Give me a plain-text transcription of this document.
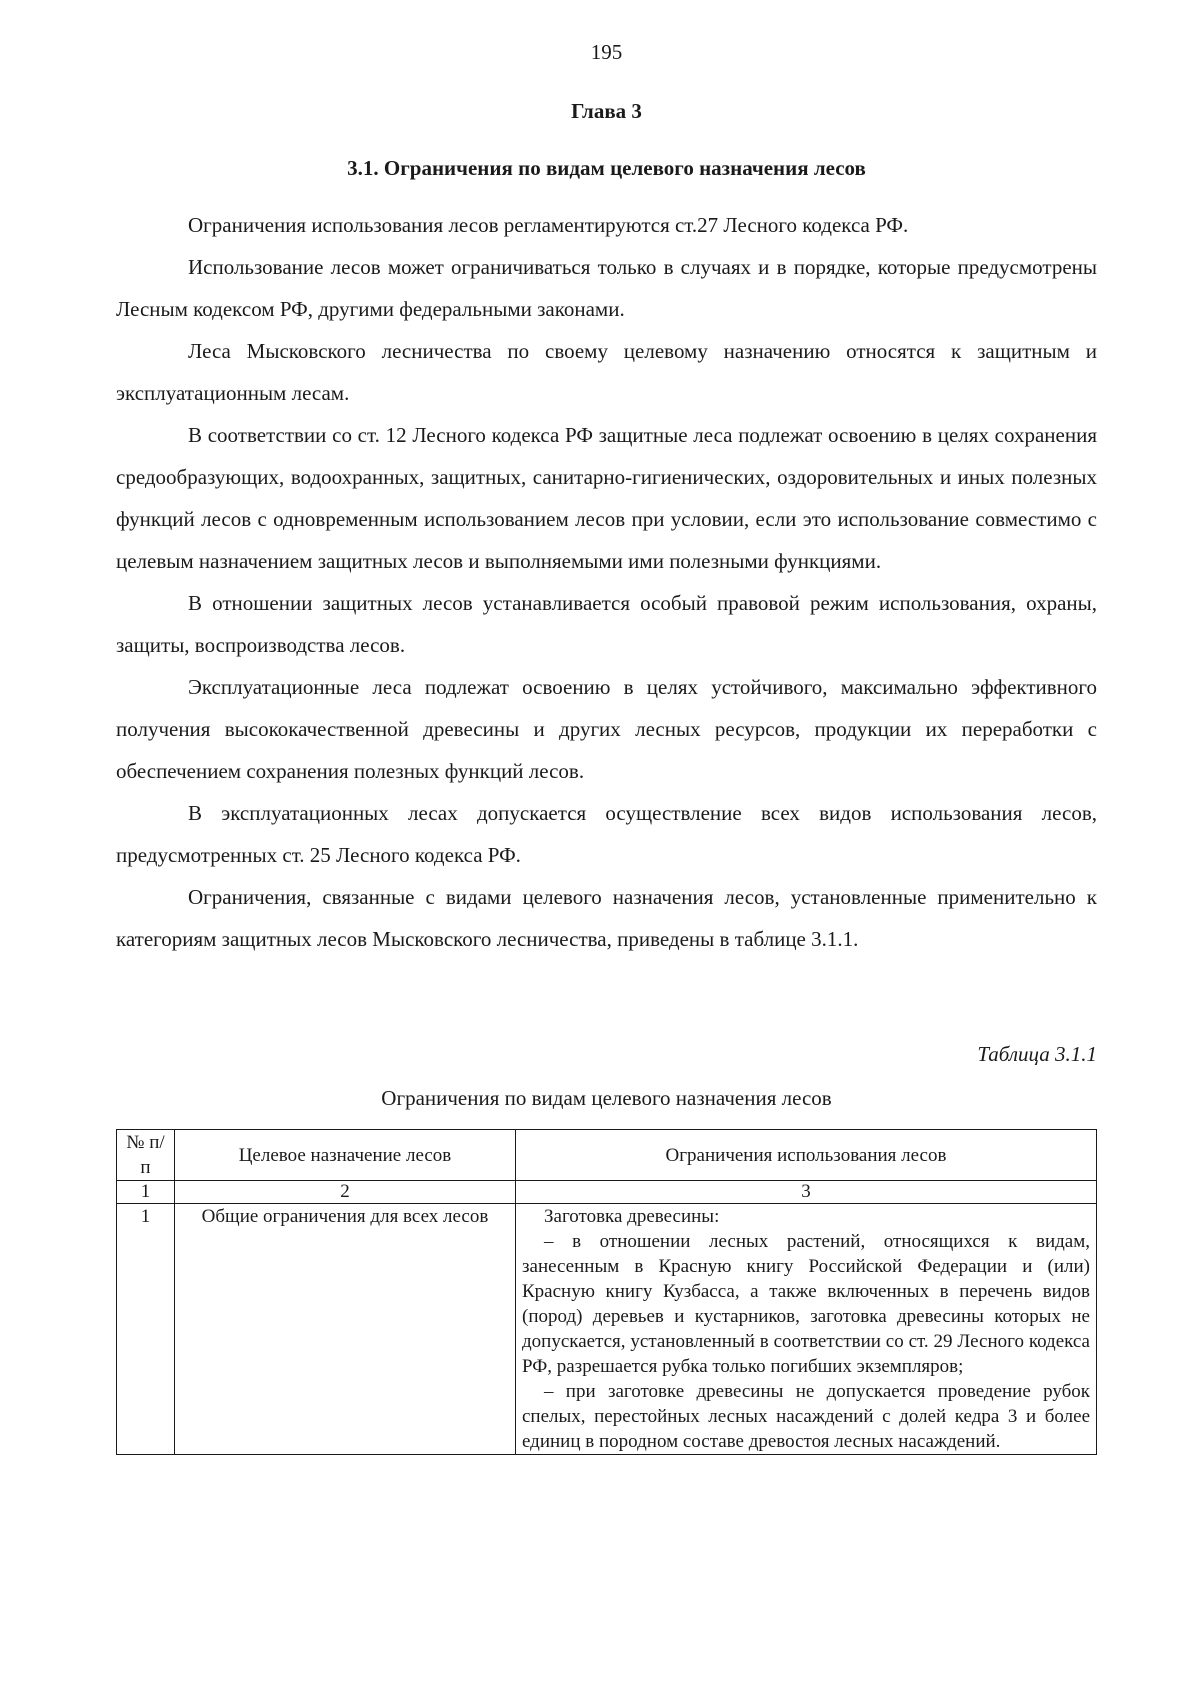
195
Глава 3
3.1. Ограничения по видам целевого назначения лесов

Ограничения использования лесов регламентируются ст.27 Лесного кодекса РФ.

Использование лесов может ограничиваться только в случаях и в порядке, которые предусмотрены Лесным кодексом РФ, другими федеральными законами.

Леса Мысковского лесничества по своему целевому назначению относятся к защитным и эксплуатационным лесам.

В соответствии со ст. 12 Лесного кодекса РФ защитные леса подлежат освоению в целях сохранения средообразующих, водоохранных, защитных, санитарно-гигиенических, оздоровительных и иных полезных функций лесов с одновременным использованием лесов при условии, если это использование совместимо с целевым назначением защитных лесов и выполняемыми ими полезными функциями.

В отношении защитных лесов устанавливается особый правовой режим использования, охраны, защиты, воспроизводства лесов.

Эксплуатационные леса подлежат освоению в целях устойчивого, максимально эффективного получения высококачественной древесины и других лесных ресурсов, продукции их переработки с обеспечением сохранения полезных функций лесов.

В эксплуатационных лесах допускается осуществление всех видов использования лесов, предусмотренных ст. 25 Лесного кодекса РФ.

Ограничения, связанные с видами целевого назначения лесов, установленные применительно к категориям защитных лесов Мысковского лесничества, приведены в таблице 3.1.1.

Таблица 3.1.1
Ограничения по видам целевого назначения лесов
№ п/п	Целевое назначение лесов	Ограничения использования лесов
1	2	3
1	Общие ограничения для всех лесов	Заготовка древесины:

– в отношении лесных растений, относящихся к видам, занесенным в Красную книгу Российской Федерации и (или) Красную книгу Кузбасса, а также включенных в перечень видов (пород) деревьев и кустарников, заготовка древесины которых не допускается, установленный в соответствии со ст. 29 Лесного кодекса РФ, разрешается рубка только погибших экземпляров;

– при заготовке древесины не допускается проведение рубок спелых, перестойных лесных насаждений с долей кедра 3 и более единиц в породном составе древостоя лесных насаждений.
